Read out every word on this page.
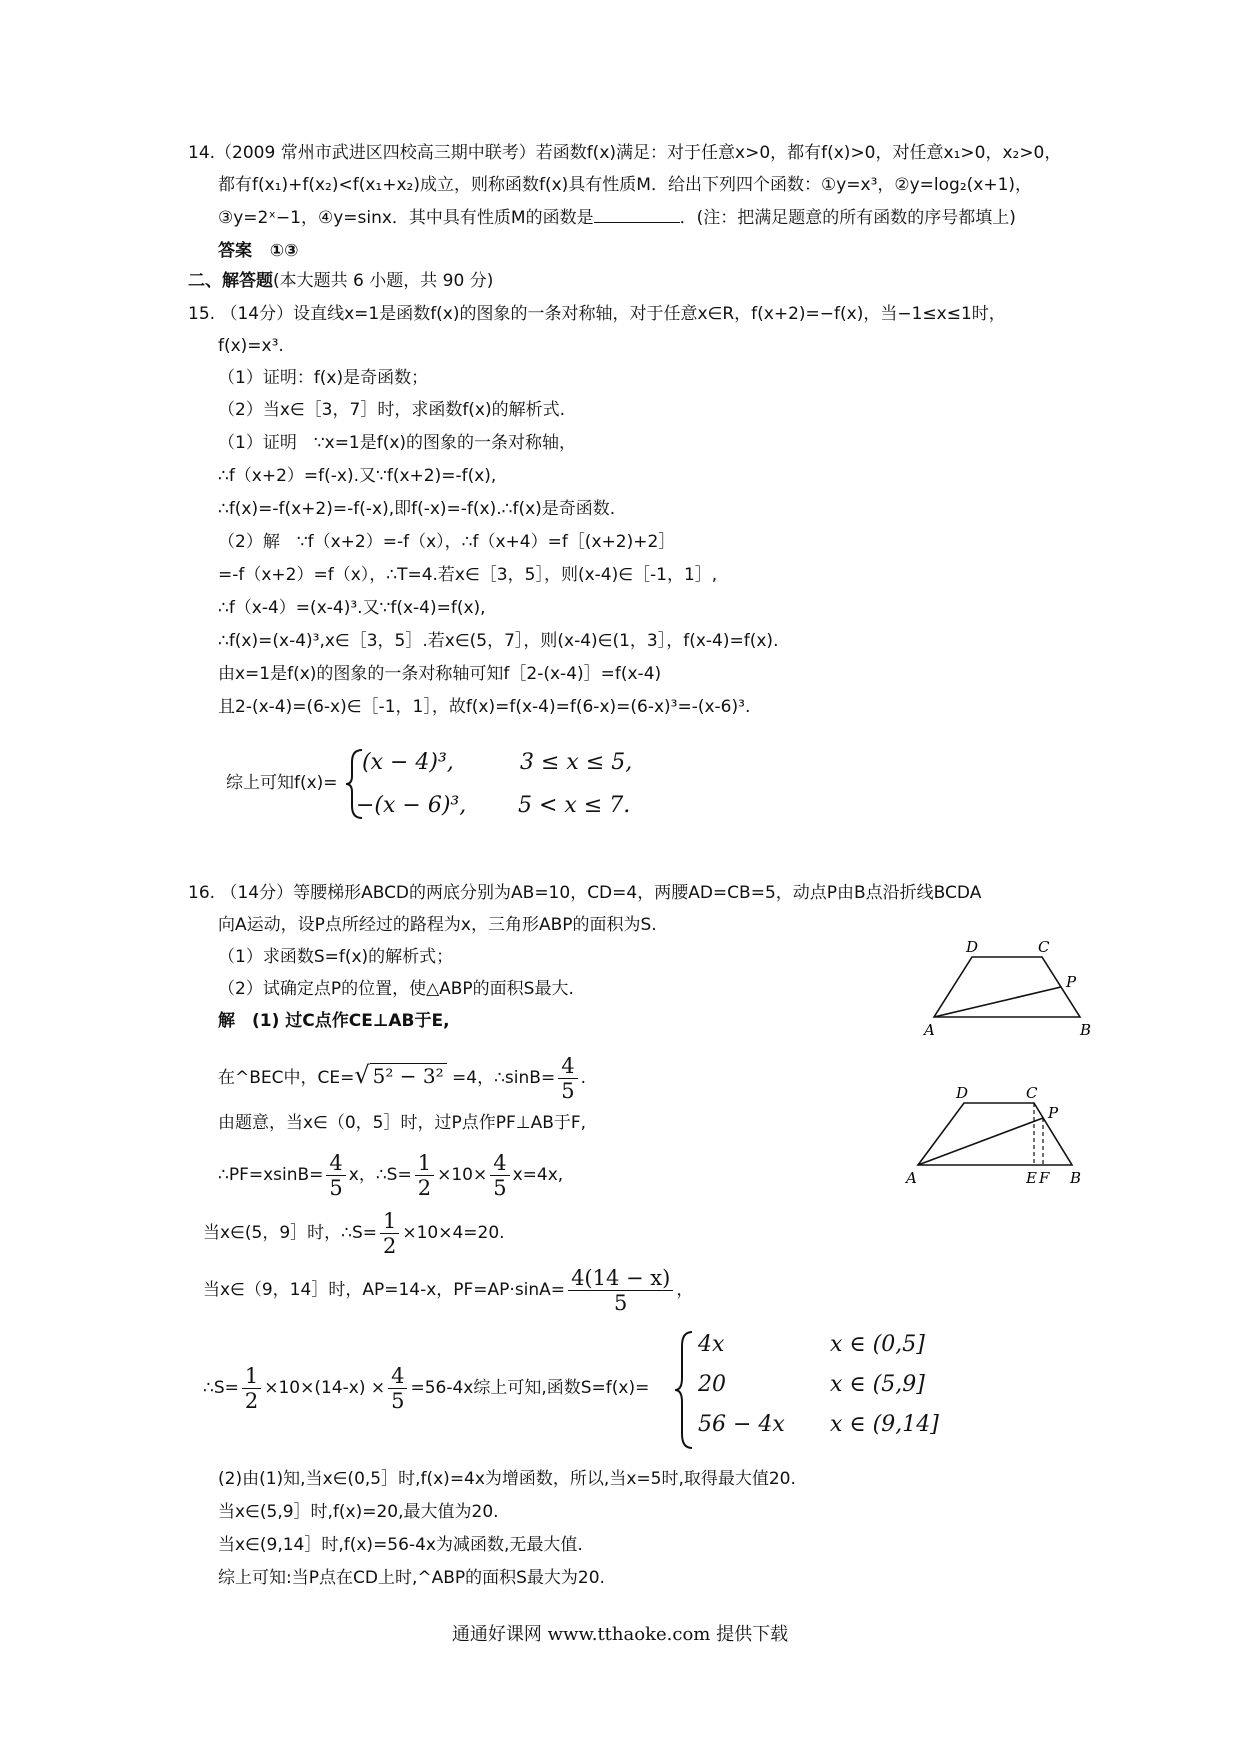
14.（2009 常州市武进区四校高三期中联考）若函数f(x)满足：对于任意x>0，都有f(x)>0，对任意x₁>0，x₂>0，
都有f(x₁)+f(x₂)<f(x₁+x₂)成立，则称函数f(x)具有性质M．给出下列四个函数：①y=x³，②y=log₂(x+1)，
③y=2ˣ−1，④y=sinx．其中具有性质M的函数是	．(注：把满足题意的所有函数的序号都填上)
答案 ①③
二、解答题(本大题共 6 小题，共 90 分)
15. （14分）设直线x=1是函数f(x)的图象的一条对称轴，对于任意x∈R，f(x+2)=−f(x)，当−1≤x≤1时，
f(x)=x³.
（1）证明：f(x)是奇函数；
（2）当x∈［3，7］时，求函数f(x)的解析式.
（1）证明　∵x=1是f(x)的图象的一条对称轴，
∴f（x+2）=f(-x).又∵f(x+2)=-f(x),
∴f(x)=-f(x+2)=-f(-x),即f(-x)=-f(x).∴f(x)是奇函数.
（2）解　∵f（x+2）=-f（x），∴f（x+4）=f［(x+2)+2］
=-f（x+2）=f（x），∴T=4.若x∈［3，5］，则(x-4)∈［-1，1］,
∴f（x-4）=(x-4)³.又∵f(x-4)=f(x),
∴f(x)=(x-4)³,x∈［3，5］.若x∈(5，7］，则(x-4)∈(1，3］，f(x-4)=f(x).
由x=1是f(x)的图象的一条对称轴可知f［2-(x-4)］=f(x-4)
且2-(x-4)=(6-x)∈［-1，1］，故f(x)=f(x-4)=f(6-x)=(6-x)³=-(x-6)³.
综上可知f(x)=
(x − 4)³,	3 ≤ x ≤ 5,
−(x − 6)³, 5 < x ≤ 7.
16. （14分）等腰梯形ABCD的两底分别为AB=10，CD=4，两腰AD=CB=5，动点P由B点沿折线BCDA
向A运动，设P点所经过的路程为x，三角形ABP的面积为S.
（1）求函数S=f(x)的解析式；
（2）试确定点P的位置，使△ABP的面积S最大.
解　(1) 过C点作CE⊥AB于E,
在^BEC中，CE=√ 5² − 3² =4，∴sinB= $\frac{4}{5}$ .
由题意，当x∈（0，5］时，过P点作PF⊥AB于F,
∴PF=xsinB= $\frac{4}{5}$ x，∴S= $\frac{1}{2} \times 10\times \frac{4}{5} x=4x$,
当x∈(5，9］时，∴S= $\frac{1}{2} \times 10\times 4=20$.
当x∈（9，14］时，AP=14-x，$PF=AP\cdot\sin A= \frac{4(14 - x)}{5}$ ，
∴S= $\frac{1}{2} \times 10\times(14-x) \times \frac{4}{5} =56-4x$综上可知,函数S=f(x)=
4x	x ∈ (0,5]
20	x ∈ (5,9]
56 − 4x x ∈ (9,14]
(2)由(1)知,当x∈(0,5］时,f(x)=4x为增函数，所以,当x=5时,取得最大值20.
当x∈(5,9］时,f(x)=20,最大值为20.
当x∈(9,14］时,f(x)=56-4x为减函数,无最大值.
综上可知:当P点在CD上时,^ABP的面积S最大为20.
D	C
P
A	B
D	C
P
A	E F B
通通好课网 www.tthaoke.com 提供下载
